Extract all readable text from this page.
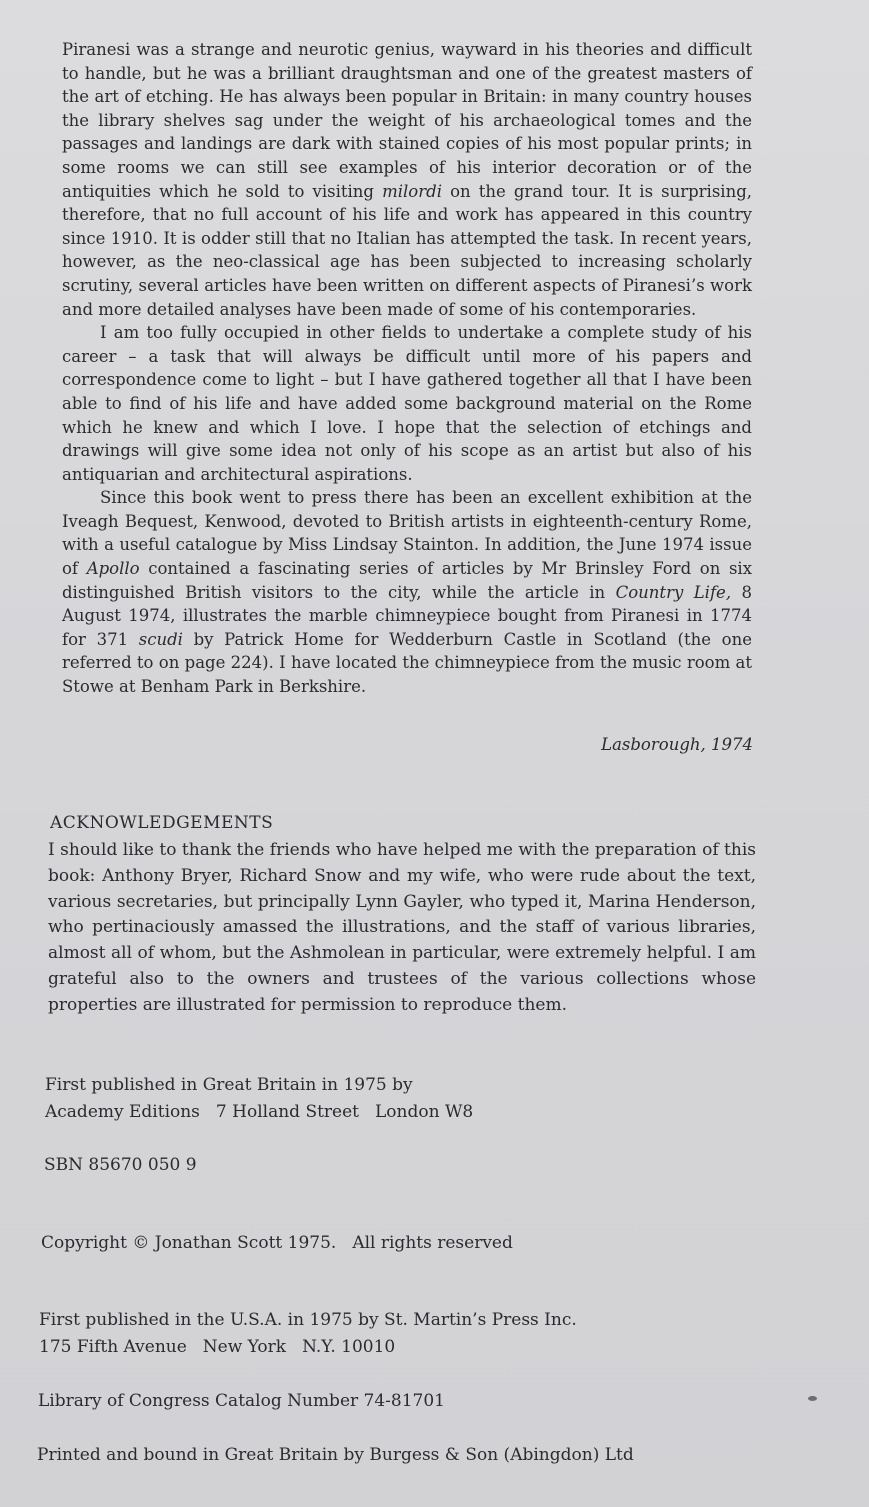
Piranesi was a strange and neurotic genius, wayward in his theories and difficult to handle, but he was a brilliant draughtsman and one of the greatest masters of the art of etching. He has always been popular in Britain: in many country houses the library shelves sag under the weight of his archaeological tomes and the passages and landings are dark with stained copies of his most popular prints; in some rooms we can still see examples of his interior decoration or of the antiquities which he sold to visiting milordi on the grand tour. It is surprising, therefore, that no full account of his life and work has appeared in this country since 1910. It is odder still that no Italian has attempted the task. In recent years, however, as the neo-classical age has been subjected to increasing scholarly scrutiny, several articles have been written on different aspects of Piranesi’s work and more detailed analyses have been made of some of his contemporaries.

I am too fully occupied in other fields to undertake a complete study of his career – a task that will always be difficult until more of his papers and correspondence come to light – but I have gathered together all that I have been able to find of his life and have added some background material on the Rome which he knew and which I love. I hope that the selection of etchings and drawings will give some idea not only of his scope as an artist but also of his antiquarian and architectural aspirations.

Since this book went to press there has been an excellent exhibition at the Iveagh Bequest, Kenwood, devoted to British artists in eighteenth-century Rome, with a useful catalogue by Miss Lindsay Stainton. In addition, the June 1974 issue of Apollo contained a fascinating series of articles by Mr Brinsley Ford on six distinguished British visitors to the city, while the article in Country Life, 8 August 1974, illustrates the marble chimneypiece bought from Piranesi in 1774 for 371 scudi by Patrick Home for Wedderburn Castle in Scotland (the one referred to on page 224). I have located the chimneypiece from the music room at Stowe at Benham Park in Berkshire.

Lasborough, 1974
ACKNOWLEDGEMENTS
I should like to thank the friends who have helped me with the preparation of this book: Anthony Bryer, Richard Snow and my wife, who were rude about the text, various secretaries, but principally Lynn Gayler, who typed it, Marina Henderson, who pertinaciously amassed the illustrations, and the staff of various libraries, almost all of whom, but the Ashmolean in particular, were extremely helpful. I am grateful also to the owners and trustees of the various collections whose properties are illustrated for permission to reproduce them.
First published in Great Britain in 1975 by
Academy Editions 7 Holland Street London W8
SBN 85670 050 9
Copyright © Jonathan Scott 1975. All rights reserved
First published in the U.S.A. in 1975 by St. Martin’s Press Inc.
175 Fifth Avenue New York N.Y. 10010
Library of Congress Catalog Number 74-81701
Printed and bound in Great Britain by Burgess & Son (Abingdon) Ltd
